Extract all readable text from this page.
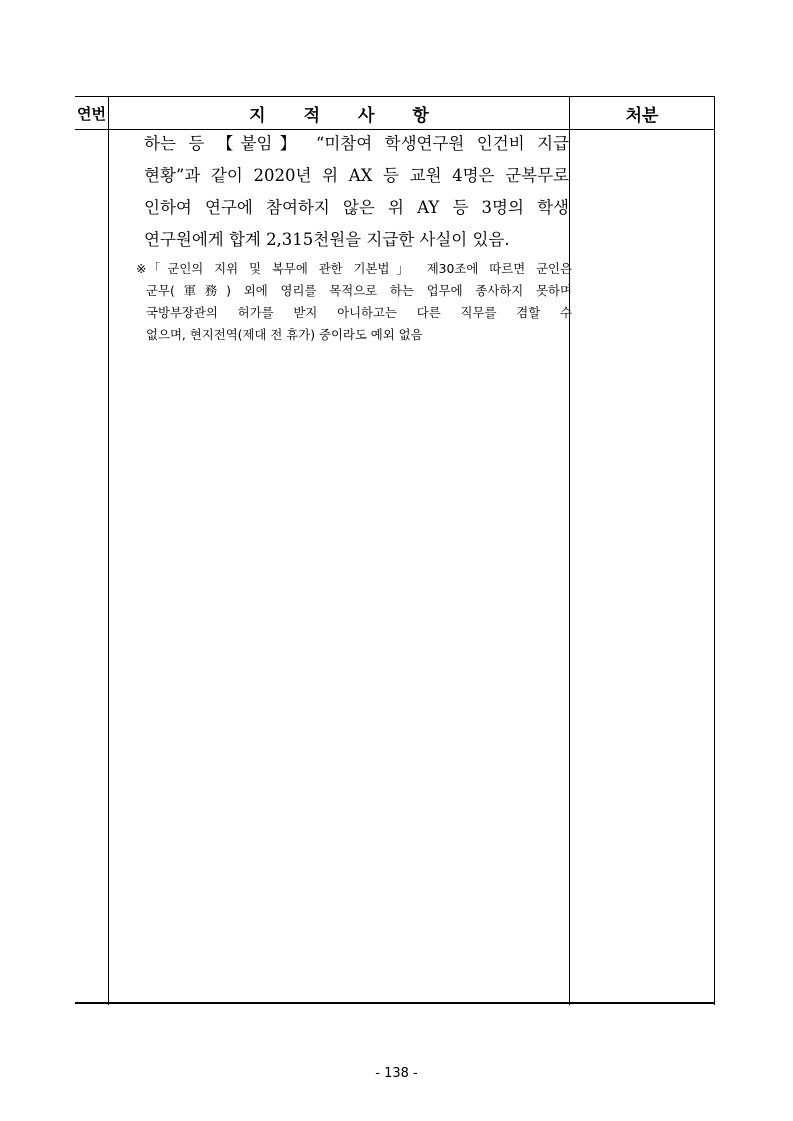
연번	지적사항	처분
하는 등 【붙임】 “미참여 학생연구원 인건비 지급
현황”과 같이 2020년 위 AX 등 교원 4명은 군복무로
인하여 연구에 참여하지 않은 위 AY 등 3명의 학생
연구원에게 합계 2,315천원을 지급한 사실이 있음.
※ 「군인의 지위 및 복무에 관한 기본법」 제30조에 따르면 군인은
군무(軍務) 외에 영리를 목적으로 하는 업무에 종사하지 못하며
국방부장관의 허가를 받지 아니하고는 다른 직무를 겸할 수
없으며, 현지전역(제대 전 휴가) 중이라도 예외 없음
- 138 -
